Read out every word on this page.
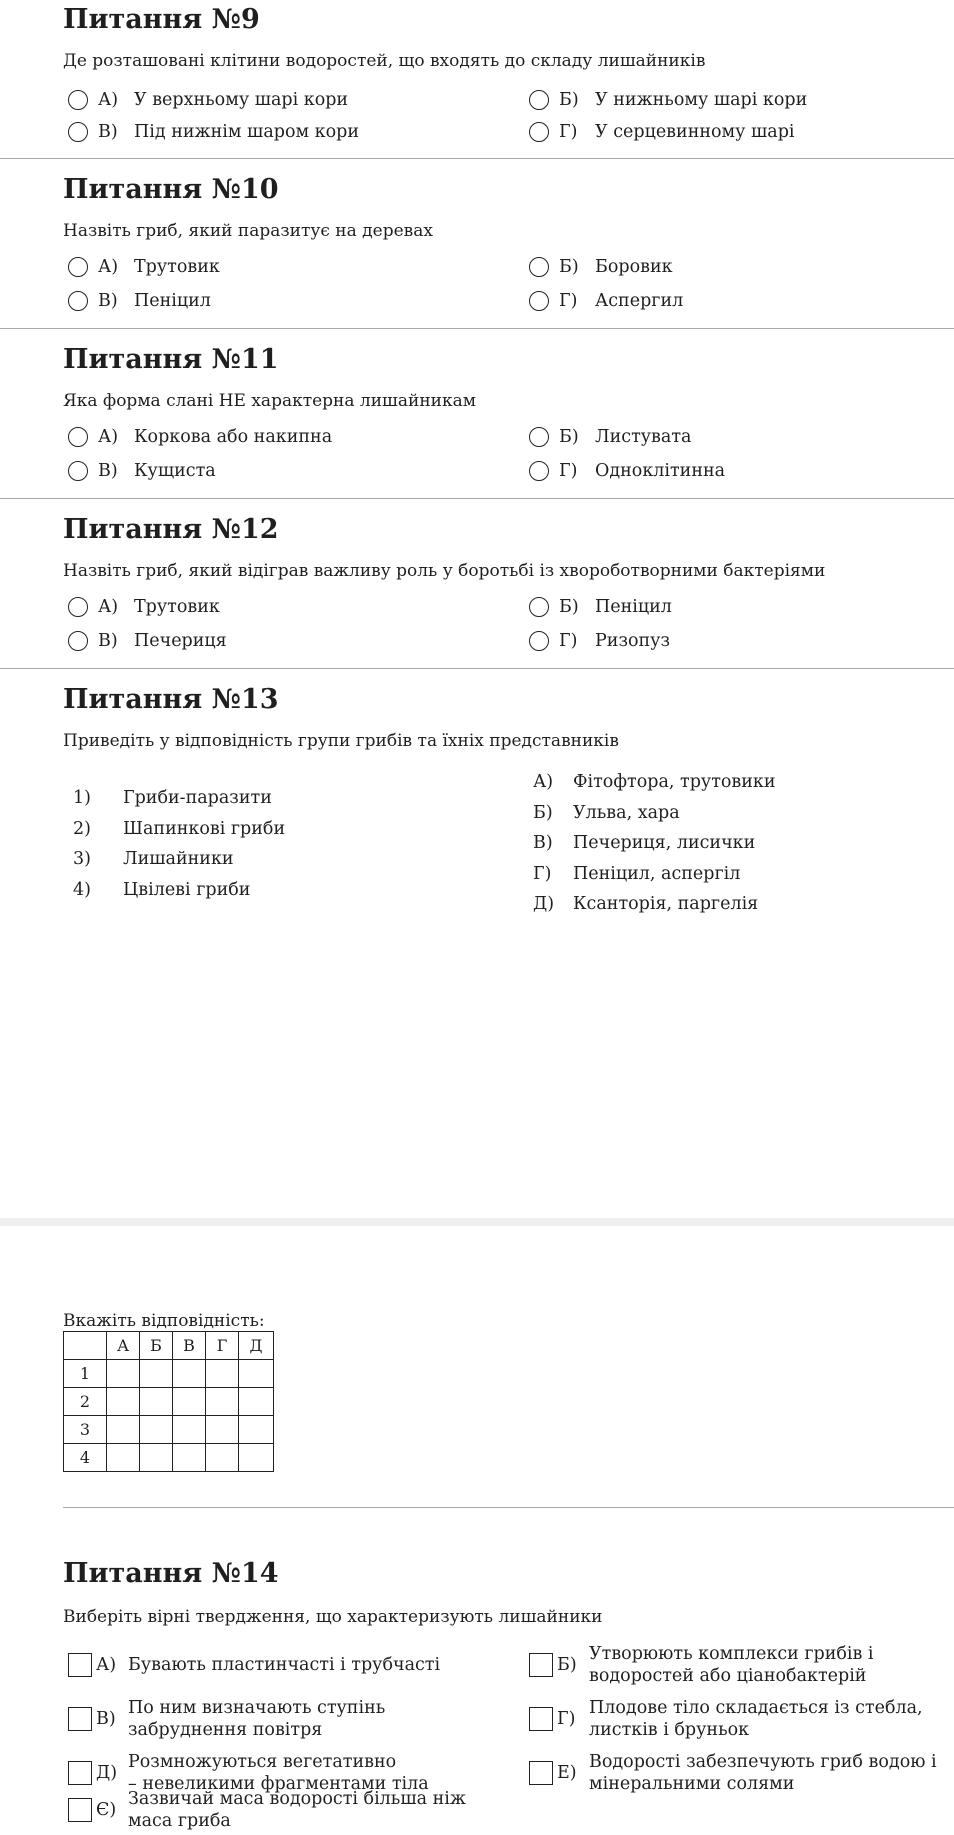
Питання №9

Де розташовані клітини водоростей, що входять до складу лишайників

А) У верхньому шарі кори	Б) У нижньому шарі кори
В) Під нижнім шаром кори	Г)	У серцевинному шарі
Питання №10

Назвіть гриб, який паразитує на деревах

А) Трутовик	Б) Боровик
В) Пеніцил	Г)	Аспергил
Питання №11

Яка форма слані НЕ характерна лишайникам

А) Коркова або накипна	Б) Листувата
В) Кущиста	Г)	Одноклітинна
Питання №12

Назвіть гриб, який відіграв важливу роль у боротьбі із хвороботворними бактеріями

А) Трутовик	Б) Пеніцил
В) Печериця	Г)	Ризопуз
Питання №13

Приведіть у відповідність групи грибів та їхніх представників

1)	Гриби-паразити
2)	Шапинкові гриби
3)	Лишайники
4)	Цвілеві гриби
А)	Фітофтора, трутовики
Б)	Ульва, хара
В)	Печериця, лисички
Г)	Пеніцил, аспергіл
Д)	Ксанторія, паргелія
Вкажіть відповідність:
	А	Б	В	Г	Д
1					
2					
3					
4					
Питання №14

Виберіть вірні твердження, що характеризують лишайники

А) Бувають пластинчасті і трубчасті	Б)
Утворюють комплекси грибів і
водоростей або ціанобактерій
В)
По ним визначають ступінь
забруднення повітря
Г)
Плодове тіло складається із стебла,
листків і бруньок
Д)
Розмножуються вегетативно
– невеликими фрагментами тіла
Е)
Водорості забезпечують гриб водою і
мінеральними солями
Є)
Зазвичай маса водорості більша ніж
маса гриба
